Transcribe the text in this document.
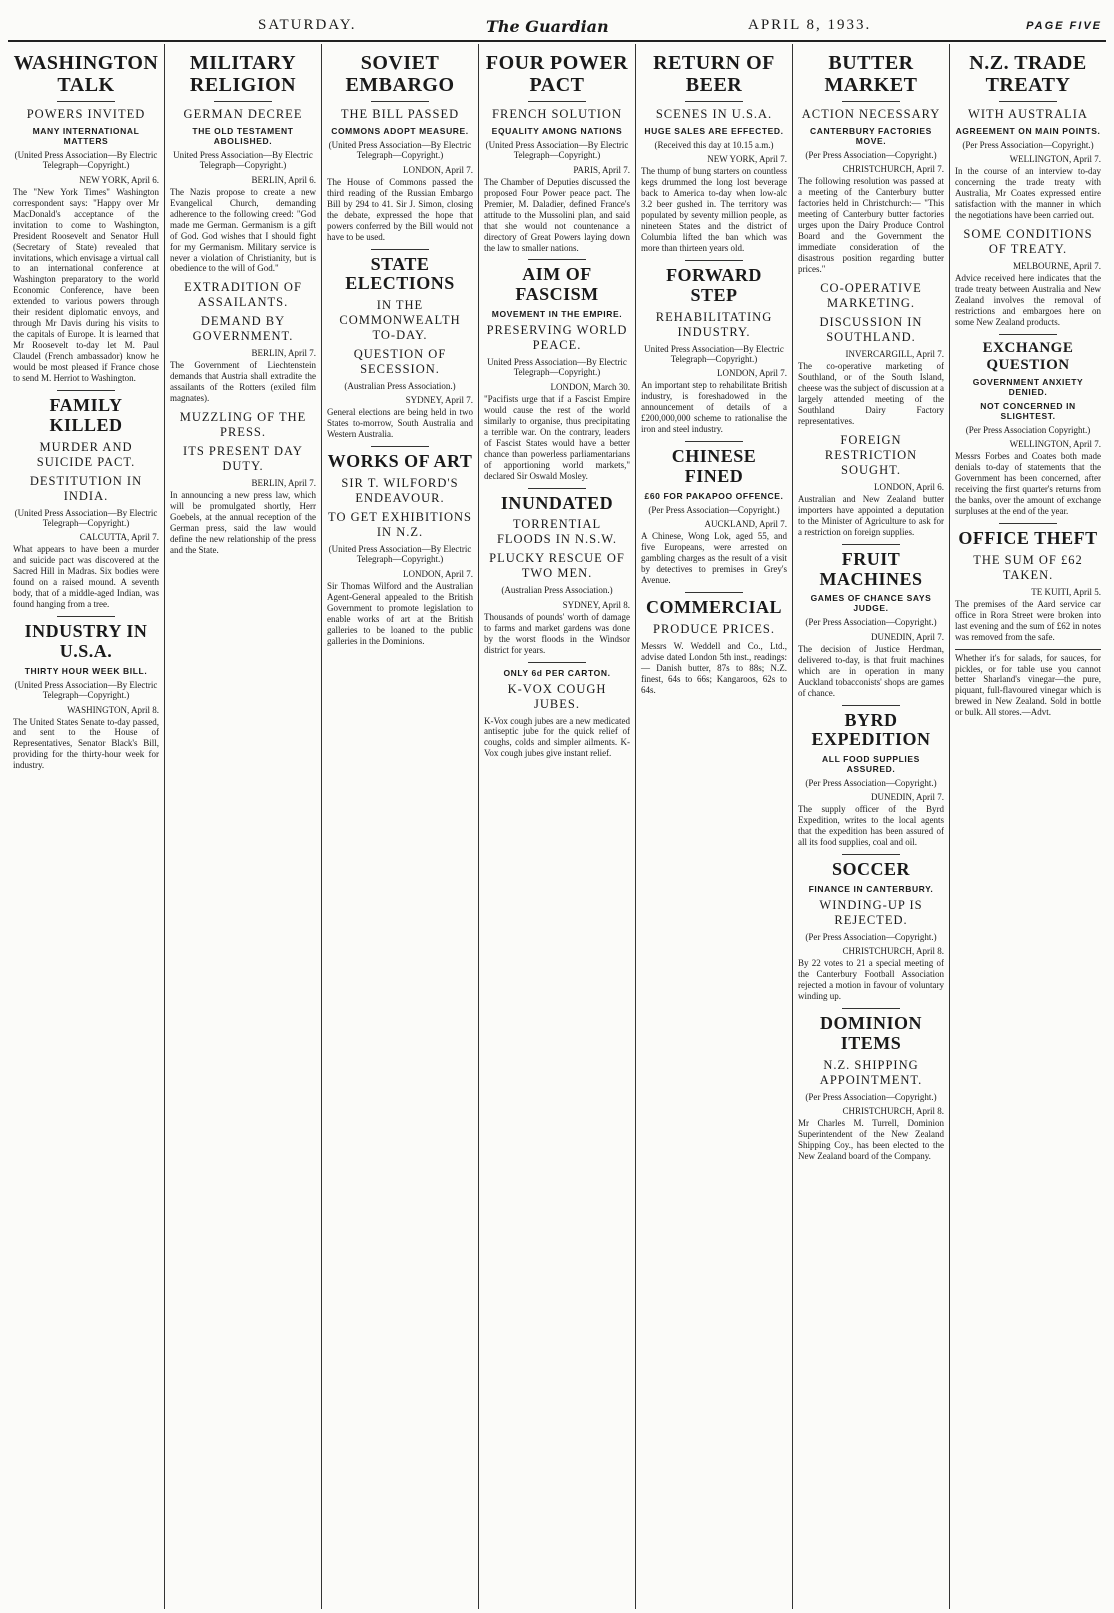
SATURDAY.	The Guardian	APRIL 8, 1933.	PAGE FIVE
WASHINGTON TALK
POWERS INVITED
MANY INTERNATIONAL MATTERS
(United Press Association—By Electric Telegraph—Copyright.)
NEW YORK, April 6.
The "New York Times" Washington correspondent says: "Happy over Mr MacDonald's acceptance of the invitation to come to Washington, President Roosevelt and Senator Hull (Secretary of State) revealed that invitations, which envisage a virtual call to an international conference at Washington preparatory to the world Economic Conference, have been extended to various powers through their resident diplomatic envoys, and through Mr Davis during his visits to the capitals of Europe. It is learned that Mr Roosevelt to-day let M. Paul Claudel (French ambassador) know he would be most pleased if France chose to send M. Herriot to Washington.
FAMILY KILLED
MURDER AND SUICIDE PACT.
DESTITUTION IN INDIA.
(United Press Association—By Electric Telegraph—Copyright.)
CALCUTTA, April 7.
What appears to have been a murder and suicide pact was discovered at the Sacred Hill in Madras. Six bodies were found on a raised mound. A seventh body, that of a middle-aged Indian, was found hanging from a tree.
INDUSTRY IN U.S.A.
THIRTY HOUR WEEK BILL.
(United Press Association—By Electric Telegraph—Copyright.)
WASHINGTON, April 8.
The United States Senate to-day passed, and sent to the House of Representatives, Senator Black's Bill, providing for the thirty-hour week for industry.
MILITARY RELIGION
GERMAN DECREE
THE OLD TESTAMENT ABOLISHED.
United Press Association—By Electric Telegraph—Copyright.)
BERLIN, April 6.
The Nazis propose to create a new Evangelical Church, demanding adherence to the following creed: "God made me German. Germanism is a gift of God. God wishes that I should fight for my Germanism. Military service is never a violation of Christianity, but is obedience to the will of God."
EXTRADITION OF ASSAILANTS.
DEMAND BY GOVERNMENT.
BERLIN, April 7.
The Government of Liechtenstein demands that Austria shall extradite the assailants of the Rotters (exiled film magnates).
MUZZLING OF THE PRESS.
ITS PRESENT DAY DUTY.
BERLIN, April 7.
In announcing a new press law, which will be promulgated shortly, Herr Goebels, at the annual reception of the German press, said the law would define the new relationship of the press and the State.
SOVIET EMBARGO
THE BILL PASSED
COMMONS ADOPT MEASURE.
(United Press Association—By Electric Telegraph—Copyright.)
LONDON, April 7.
The House of Commons passed the third reading of the Russian Embargo Bill by 294 to 41. Sir J. Simon, closing the debate, expressed the hope that powers conferred by the Bill would not have to be used.
STATE ELECTIONS
IN THE COMMONWEALTH TO-DAY.
QUESTION OF SECESSION.
(Australian Press Association.)
SYDNEY, April 7.
General elections are being held in two States to-morrow, South Australia and Western Australia.
WORKS OF ART
SIR T. WILFORD'S ENDEAVOUR.
TO GET EXHIBITIONS IN N.Z.
(United Press Association—By Electric Telegraph—Copyright.)
LONDON, April 7.
Sir Thomas Wilford and the Australian Agent-General appealed to the British Government to promote legislation to enable works of art at the British galleries to be loaned to the public galleries in the Dominions.
FOUR POWER PACT
FRENCH SOLUTION
EQUALITY AMONG NATIONS
(United Press Association—By Electric Telegraph—Copyright.)
PARIS, April 7.
The Chamber of Deputies discussed the proposed Four Power peace pact. The Premier, M. Daladier, defined France's attitude to the Mussolini plan, and said that she would not countenance a directory of Great Powers laying down the law to smaller nations.
AIM OF FASCISM
MOVEMENT IN THE EMPIRE.
PRESERVING WORLD PEACE.
United Press Association—By Electric Telegraph—Copyright.)
LONDON, March 30.
"Pacifists urge that if a Fascist Empire would cause the rest of the world similarly to organise, thus precipitating a terrible war. On the contrary, leaders of Fascist States would have a better chance than powerless parliamentarians of apportioning world markets," declared Sir Oswald Mosley.
INUNDATED
TORRENTIAL FLOODS IN N.S.W.
PLUCKY RESCUE OF TWO MEN.
(Australian Press Association.)
SYDNEY, April 8.
Thousands of pounds' worth of damage to farms and market gardens was done by the worst floods in the Windsor district for years.
ONLY 6d PER CARTON.
K-VOX COUGH JUBES.
K-Vox cough jubes are a new medicated antiseptic jube for the quick relief of coughs, colds and simpler ailments. K-Vox cough jubes give instant relief.
RETURN OF BEER
SCENES IN U.S.A.
HUGE SALES ARE EFFECTED.
(Received this day at 10.15 a.m.)
NEW YORK, April 7.
The thump of bung starters on countless kegs drummed the long lost beverage back to America to-day when low-alc 3.2 beer gushed in. The territory was populated by seventy million people, as nineteen States and the district of Columbia lifted the ban which was more than thirteen years old.
FORWARD STEP
REHABILITATING INDUSTRY.
United Press Association—By Electric Telegraph—Copyright.)
LONDON, April 7.
An important step to rehabilitate British industry, is foreshadowed in the announcement of details of a £200,000,000 scheme to rationalise the iron and steel industry.
CHINESE FINED
£60 FOR PAKAPOO OFFENCE.
(Per Press Association—Copyright.)
AUCKLAND, April 7.
A Chinese, Wong Lok, aged 55, and five Europeans, were arrested on gambling charges as the result of a visit by detectives to premises in Grey's Avenue.
COMMERCIAL
PRODUCE PRICES.
Messrs W. Weddell and Co., Ltd., advise dated London 5th inst., readings:— Danish butter, 87s to 88s; N.Z. finest, 64s to 66s; Kangaroos, 62s to 64s.
BUTTER MARKET
ACTION NECESSARY
CANTERBURY FACTORIES MOVE.
(Per Press Association—Copyright.)
CHRISTCHURCH, April 7.
The following resolution was passed at a meeting of the Canterbury butter factories held in Christchurch:— "This meeting of Canterbury butter factories urges upon the Dairy Produce Control Board and the Government the immediate consideration of the disastrous position regarding butter prices."
CO-OPERATIVE MARKETING.
DISCUSSION IN SOUTHLAND.
INVERCARGILL, April 7.
The co-operative marketing of Southland, or of the South Island, cheese was the subject of discussion at a largely attended meeting of the Southland Dairy Factory representatives.
FOREIGN RESTRICTION SOUGHT.
LONDON, April 6.
Australian and New Zealand butter importers have appointed a deputation to the Minister of Agriculture to ask for a restriction on foreign supplies.
FRUIT MACHINES
GAMES OF CHANCE SAYS JUDGE.
(Per Press Association—Copyright.)
DUNEDIN, April 7.
The decision of Justice Herdman, delivered to-day, is that fruit machines which are in operation in many Auckland tobacconists' shops are games of chance.
BYRD EXPEDITION
ALL FOOD SUPPLIES ASSURED.
(Per Press Association—Copyright.)
DUNEDIN, April 7.
The supply officer of the Byrd Expedition, writes to the local agents that the expedition has been assured of all its food supplies, coal and oil.
SOCCER
FINANCE IN CANTERBURY.
WINDING-UP IS REJECTED.
(Per Press Association—Copyright.)
CHRISTCHURCH, April 8.
By 22 votes to 21 a special meeting of the Canterbury Football Association rejected a motion in favour of voluntary winding up.
DOMINION ITEMS
N.Z. SHIPPING APPOINTMENT.
(Per Press Association—Copyright.)
CHRISTCHURCH, April 8.
Mr Charles M. Turrell, Dominion Superintendent of the New Zealand Shipping Coy., has been elected to the New Zealand board of the Company.
N.Z. TRADE TREATY
WITH AUSTRALIA
AGREEMENT ON MAIN POINTS.
(Per Press Association—Copyright.)
WELLINGTON, April 7.
In the course of an interview to-day concerning the trade treaty with Australia, Mr Coates expressed entire satisfaction with the manner in which the negotiations have been carried out.
SOME CONDITIONS OF TREATY.
MELBOURNE, April 7.
Advice received here indicates that the trade treaty between Australia and New Zealand involves the removal of restrictions and embargoes here on some New Zealand products.
EXCHANGE QUESTION
GOVERNMENT ANXIETY DENIED.
NOT CONCERNED IN SLIGHTEST.
(Per Press Association Copyright.)
WELLINGTON, April 7.
Messrs Forbes and Coates both made denials to-day of statements that the Government has been concerned, after receiving the first quarter's returns from the banks, over the amount of exchange surpluses at the end of the year.
OFFICE THEFT
THE SUM OF £62 TAKEN.
TE KUITI, April 5.
The premises of the Aard service car office in Rora Street were broken into last evening and the sum of £62 in notes was removed from the safe.
Whether it's for salads, for sauces, for pickles, or for table use you cannot better Sharland's vinegar—the pure, piquant, full-flavoured vinegar which is brewed in New Zealand. Sold in bottle or bulk. All stores.—Advt.
